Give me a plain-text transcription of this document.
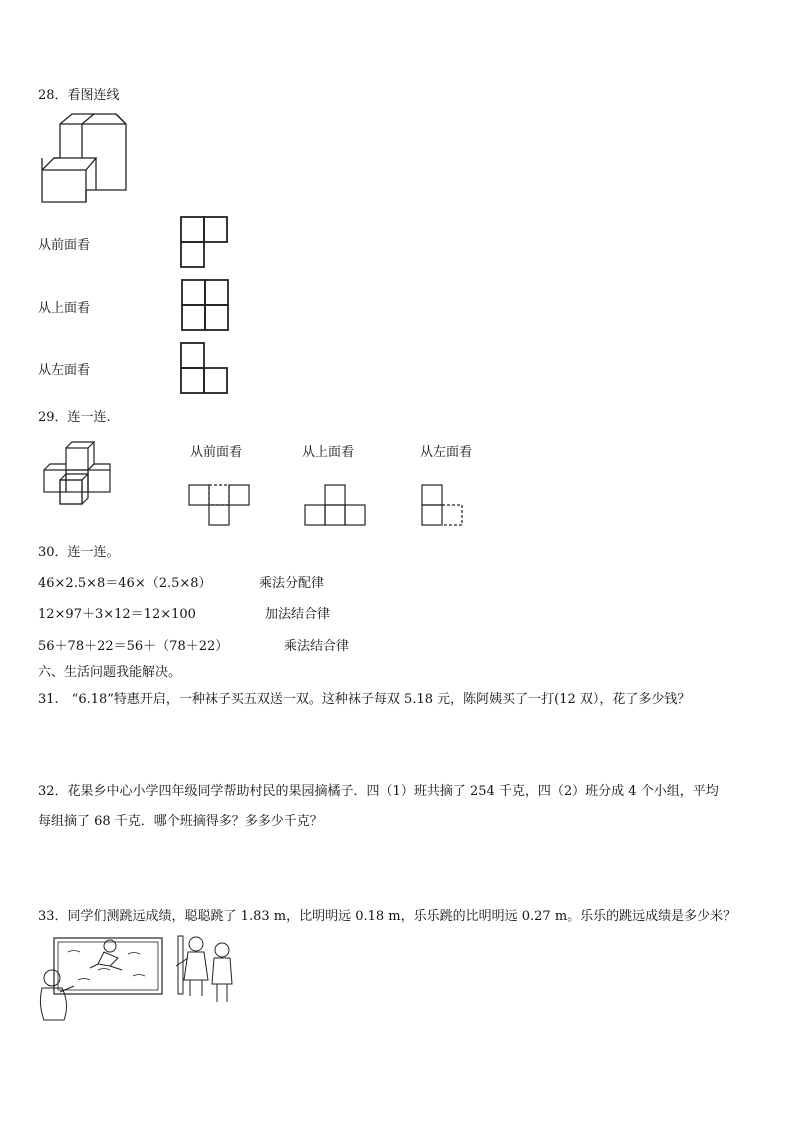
28．看图连线
从前面看
从上面看
从左面看
29．连一连.
从前面看	从上面看	从左面看
30．连一连。
46×2.5×8＝46×（2.5×8）	乘法分配律
12×97＋3×12＝12×100	加法结合律
56＋78＋22＝56＋（78＋22）	乘法结合律
六、生活问题我能解决。
31.　“6.18”特惠开启，一种袜子买五双送一双。这种袜子每双 5.18 元，陈阿姨买了一打(12 双），花了多少钱？
32．花果乡中心小学四年级同学帮助村民的果园摘橘子．四（1）班共摘了 254 千克，四（2）班分成 4 个小组，平均
每组摘了 68 千克．哪个班摘得多？多多少千克？
33．同学们测跳远成绩，聪聪跳了 1.83 m，比明明远 0.18 m，乐乐跳的比明明远 0.27 m。乐乐的跳远成绩是多少米？
